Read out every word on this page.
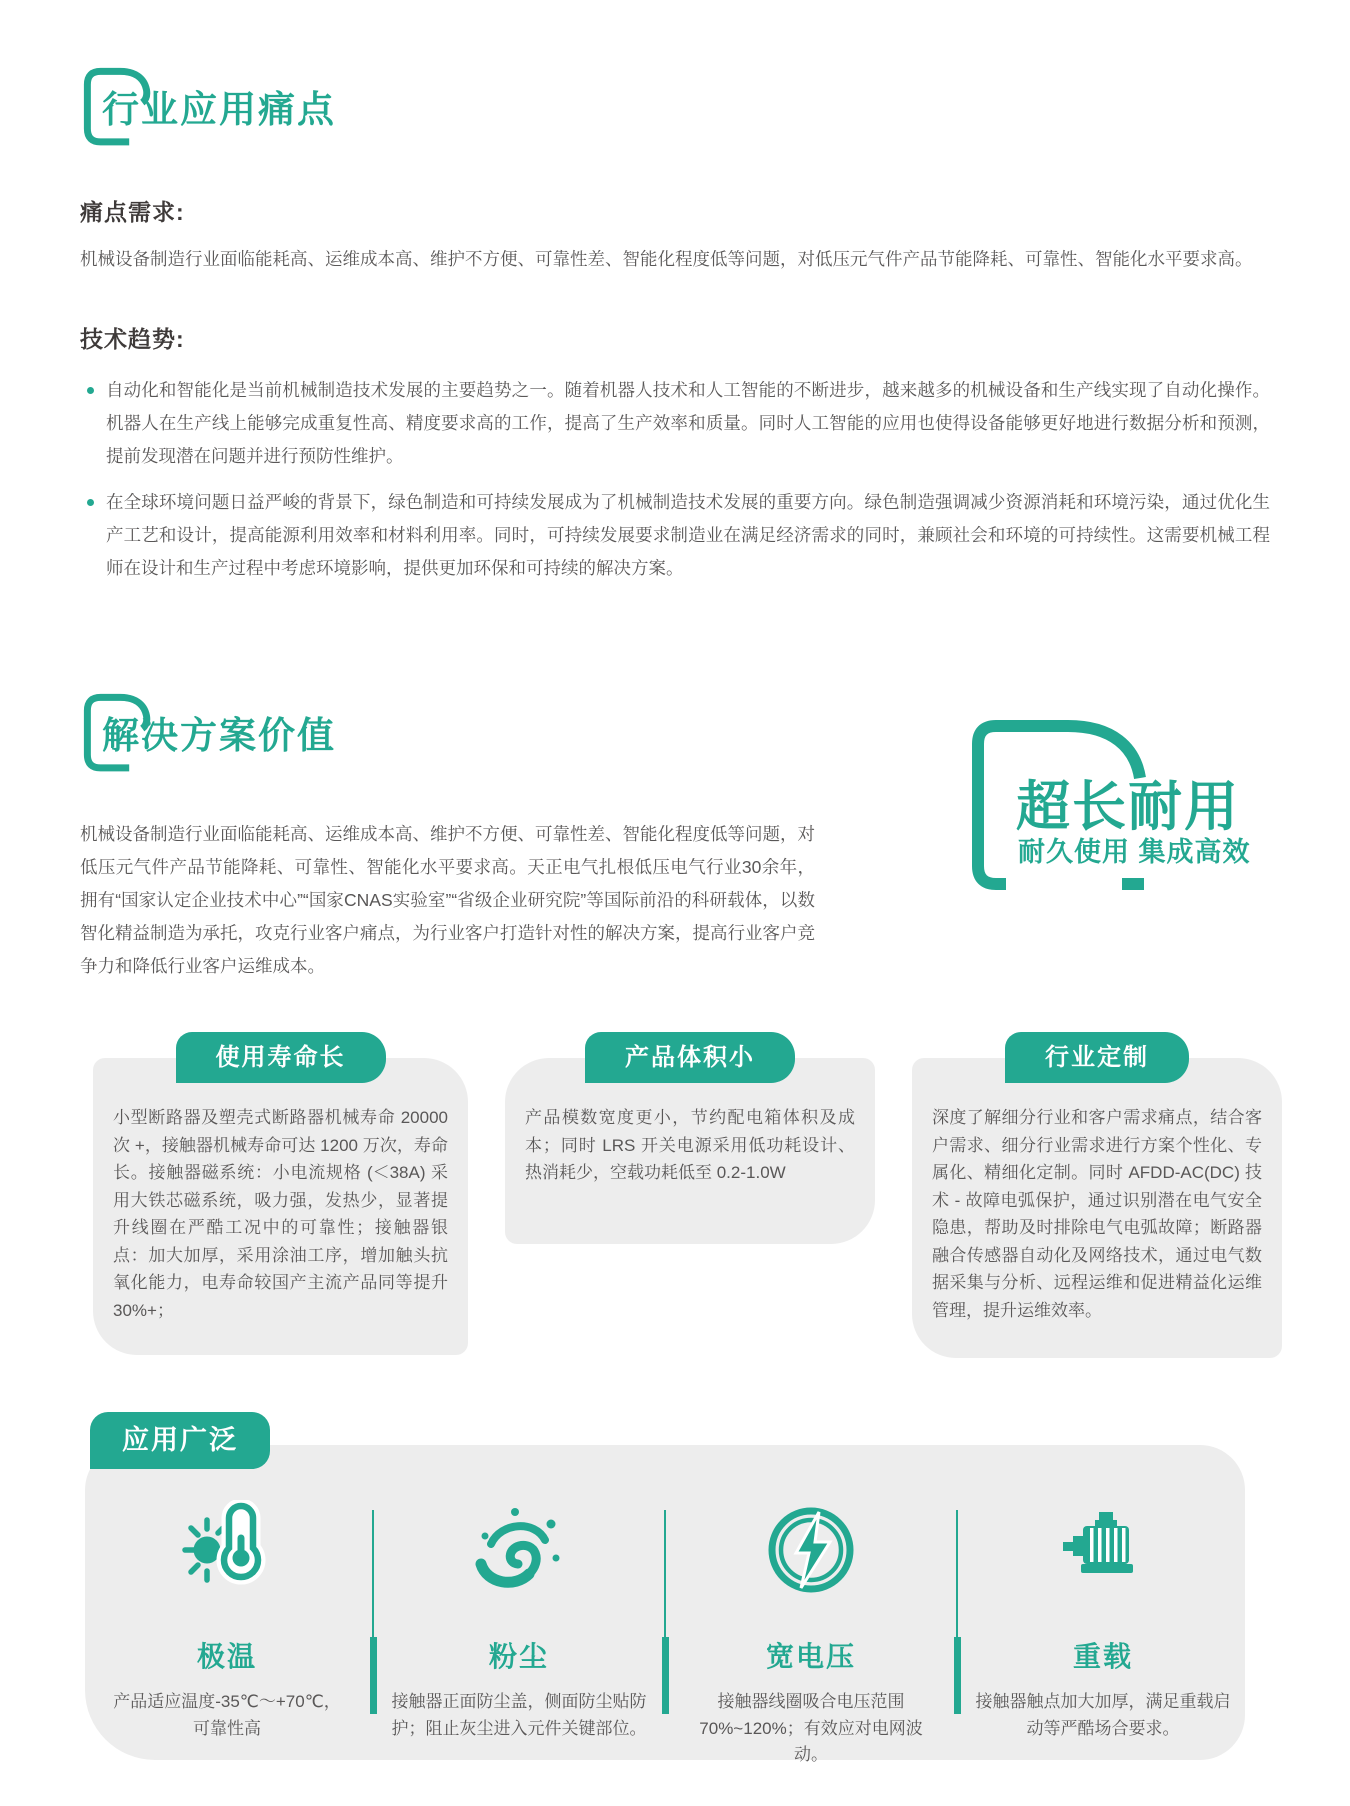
行业应用痛点
痛点需求:

机械设备制造行业面临能耗高、运维成本高、维护不方便、可靠性差、智能化程度低等问题，对低压元气件产品节能降耗、可靠性、智能化水平要求高。

技术趋势:
自动化和智能化是当前机械制造技术发展的主要趋势之一。随着机器人技术和人工智能的不断进步，越来越多的机械设备和生产线实现了自动化操作。机器人在生产线上能够完成重复性高、精度要求高的工作，提高了生产效率和质量。同时人工智能的应用也使得设备能够更好地进行数据分析和预测，提前发现潜在问题并进行预防性维护。
在全球环境问题日益严峻的背景下，绿色制造和可持续发展成为了机械制造技术发展的重要方向。绿色制造强调减少资源消耗和环境污染，通过优化生产工艺和设计，提高能源利用效率和材料利用率。同时，可持续发展要求制造业在满足经济需求的同时，兼顾社会和环境的可持续性。这需要机械工程师在设计和生产过程中考虑环境影响，提供更加环保和可持续的解决方案。
解决方案价值

机械设备制造行业面临能耗高、运维成本高、维护不方便、可靠性差、智能化程度低等问题，对低压元气件产品节能降耗、可靠性、智能化水平要求高。天正电气扎根低压电气行业30余年，拥有“国家认定企业技术中心”“国家CNAS实验室”“省级企业研究院”等国际前沿的科研载体，以数智化精益制造为承托，攻克行业客户痛点，为行业客户打造针对性的解决方案，提高行业客户竞争力和降低行业客户运维成本。

超长耐用
耐久使用 集成高效
使用寿命长
小型断路器及塑壳式断路器机械寿命 20000 次 +，接触器机械寿命可达 1200 万次，寿命长。接触器磁系统：小电流规格 (＜38A) 采用大铁芯磁系统，吸力强，发热少，显著提升线圈在严酷工况中的可靠性；接触器银点：加大加厚，采用涂油工序，增加触头抗氧化能力，电寿命较国产主流产品同等提升 30%+；
产品体积小
产品模数宽度更小，节约配电箱体积及成本；同时 LRS 开关电源采用低功耗设计、热消耗少，空载功耗低至 0.2-1.0W
行业定制
深度了解细分行业和客户需求痛点，结合客户需求、细分行业需求进行方案个性化、专属化、精细化定制。同时 AFDD-AC(DC) 技术 - 故障电弧保护，通过识别潜在电气安全隐患，帮助及时排除电气电弧故障；断路器融合传感器自动化及网络技术，通过电气数据采集与分析、远程运维和促进精益化运维管理，提升运维效率。
应用广泛
极温
产品适应温度-35℃～+70℃，可靠性高
粉尘
接触器正面防尘盖，侧面防尘贴防护；阻止灰尘进入元件关键部位。
宽电压
接触器线圈吸合电压范围70%~120%；有效应对电网波动。
重载
接触器触点加大加厚，满足重载启动等严酷场合要求。
